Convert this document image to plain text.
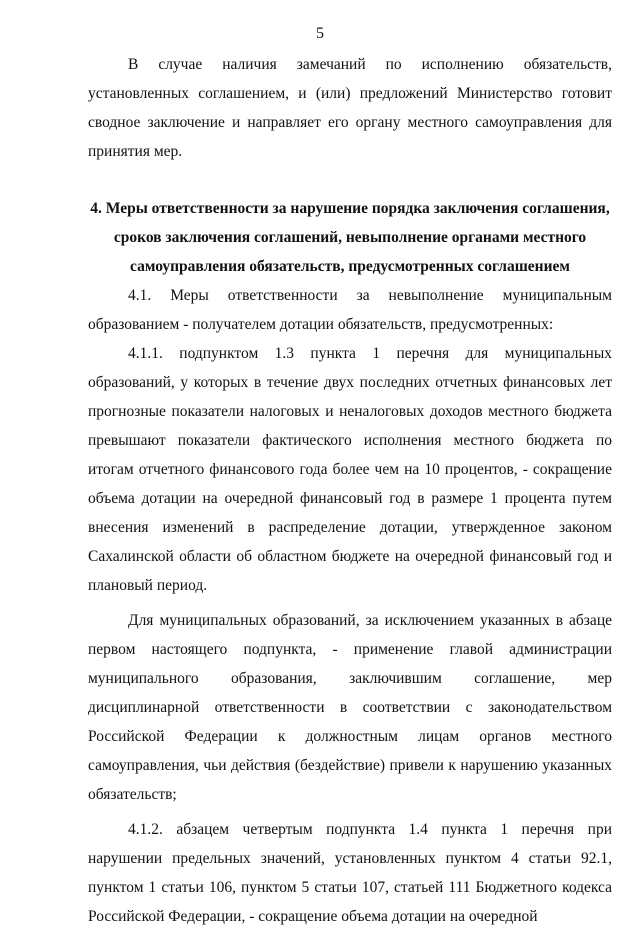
5

В случае наличия замечаний по исполнению обязательств, установленных соглашением, и (или) предложений Министерство готовит сводное заключение и направляет его органу местного самоуправления для принятия мер.

4. Меры ответственности за нарушение порядка заключения соглашения, сроков заключения соглашений, невыполнение органами местного самоуправления обязательств, предусмотренных соглашением

4.1. Меры ответственности за невыполнение муниципальным образованием - получателем дотации обязательств, предусмотренных:

4.1.1. подпунктом 1.3 пункта 1 перечня для муниципальных образований, у которых в течение двух последних отчетных финансовых лет прогнозные показатели налоговых и неналоговых доходов местного бюджета превышают показатели фактического исполнения местного бюджета по итогам отчетного финансового года более чем на 10 процентов, - сокращение объема дотации на очередной финансовый год в размере 1 процента путем внесения изменений в распределение дотации, утвержденное законом Сахалинской области об областном бюджете на очередной финансовый год и плановый период.

Для муниципальных образований, за исключением указанных в абзаце первом настоящего подпункта, - применение главой администрации муниципального образования, заключившим соглашение, мер дисциплинарной ответственности в соответствии с законодательством Российской Федерации к должностным лицам органов местного самоуправления, чьи действия (бездействие) привели к нарушению указанных обязательств;

4.1.2. абзацем четвертым подпункта 1.4 пункта 1 перечня при нарушении предельных значений, установленных пунктом 4 статьи 92.1, пунктом 1 статьи 106, пунктом 5 статьи 107, статьей 111 Бюджетного кодекса Российской Федерации, - сокращение объема дотации на очередной
